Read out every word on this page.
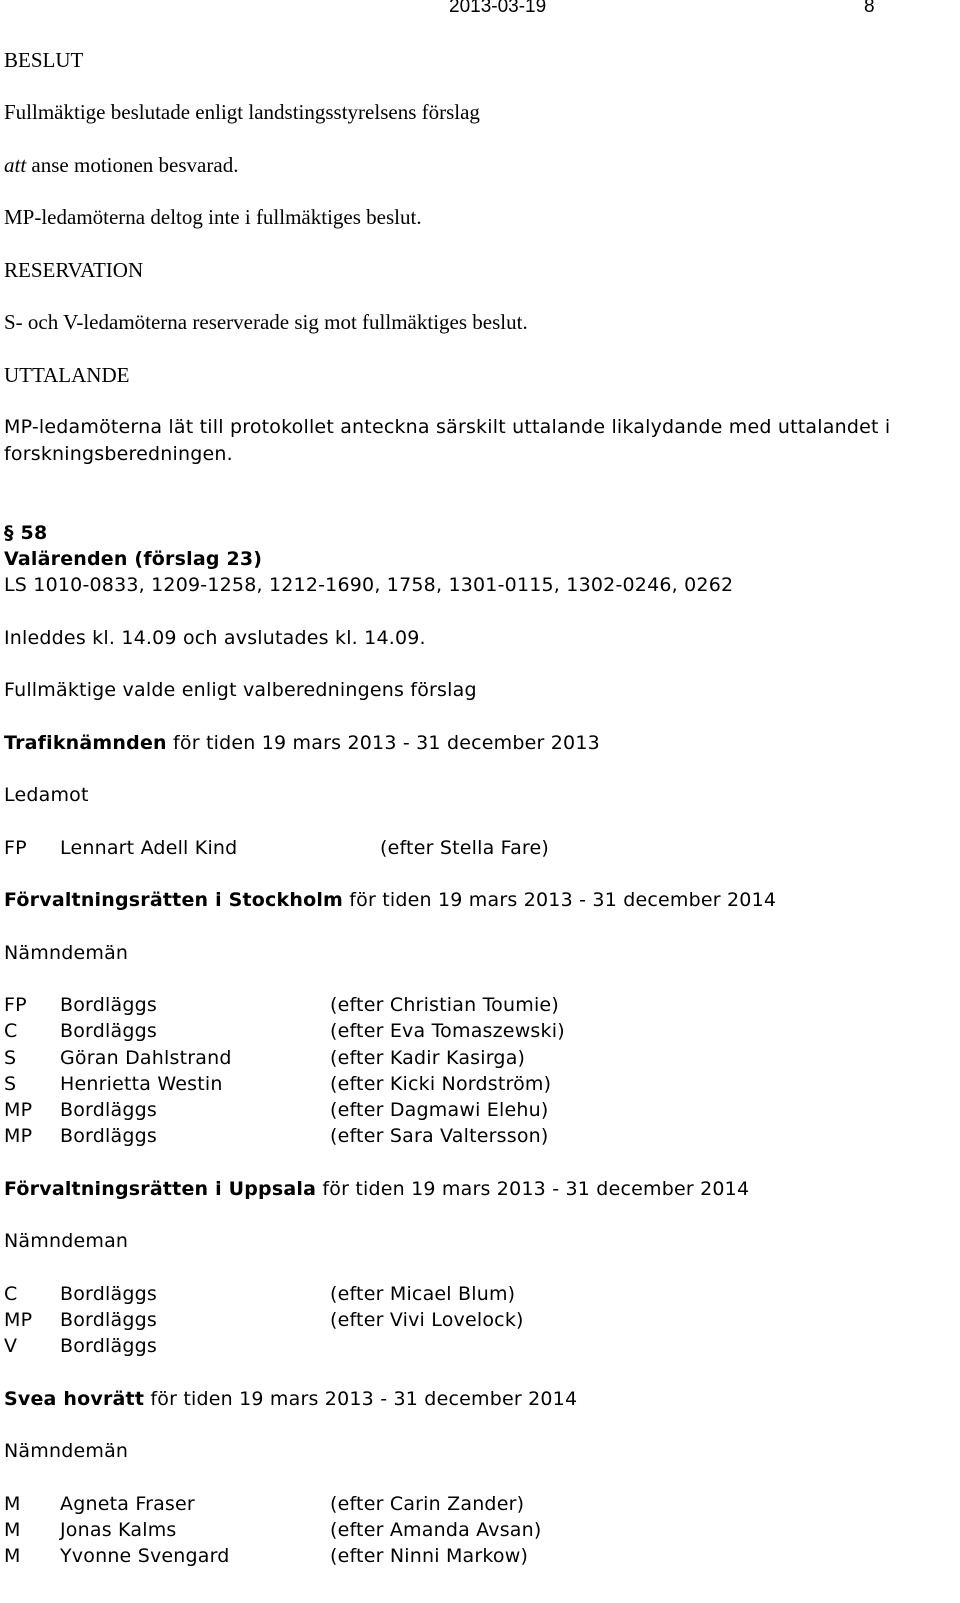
2013-03-19	8
BESLUT
Fullmäktige beslutade enligt landstingsstyrelsens förslag
att anse motionen besvarad.
MP-ledamöterna deltog inte i fullmäktiges beslut.
RESERVATION
S- och V-ledamöterna reserverade sig mot fullmäktiges beslut.
UTTALANDE
MP-ledamöterna lät till protokollet anteckna särskilt uttalande likalydande med uttalandet i
forskningsberedningen.
§ 58
Valärenden (förslag 23)
LS 1010-0833, 1209-1258, 1212-1690, 1758, 1301-0115, 1302-0246, 0262
Inleddes kl. 14.09 och avslutades kl. 14.09.
Fullmäktige valde enligt valberedningens förslag
Trafiknämnden för tiden 19 mars 2013 - 31 december 2013
Ledamot
FP Lennart Adell Kind	(efter Stella Fare)
Förvaltningsrätten i Stockholm för tiden 19 mars 2013 - 31 december 2014
Nämndemän
FP Bordläggs	(efter Christian Toumie)
C Bordläggs	(efter Eva Tomaszewski)
S Göran Dahlstrand	(efter Kadir Kasirga)
S Henrietta Westin	(efter Kicki Nordström)
MP Bordläggs	(efter Dagmawi Elehu)
MP Bordläggs	(efter Sara Valtersson)
Förvaltningsrätten i Uppsala för tiden 19 mars 2013 - 31 december 2014
Nämndeman
C Bordläggs	(efter Micael Blum)
MP Bordläggs	(efter Vivi Lovelock)
V Bordläggs
Svea hovrätt för tiden 19 mars 2013 - 31 december 2014
Nämndemän
M Agneta Fraser	(efter Carin Zander)
M Jonas Kalms	(efter Amanda Avsan)
M Yvonne Svengard	(efter Ninni Markow)
